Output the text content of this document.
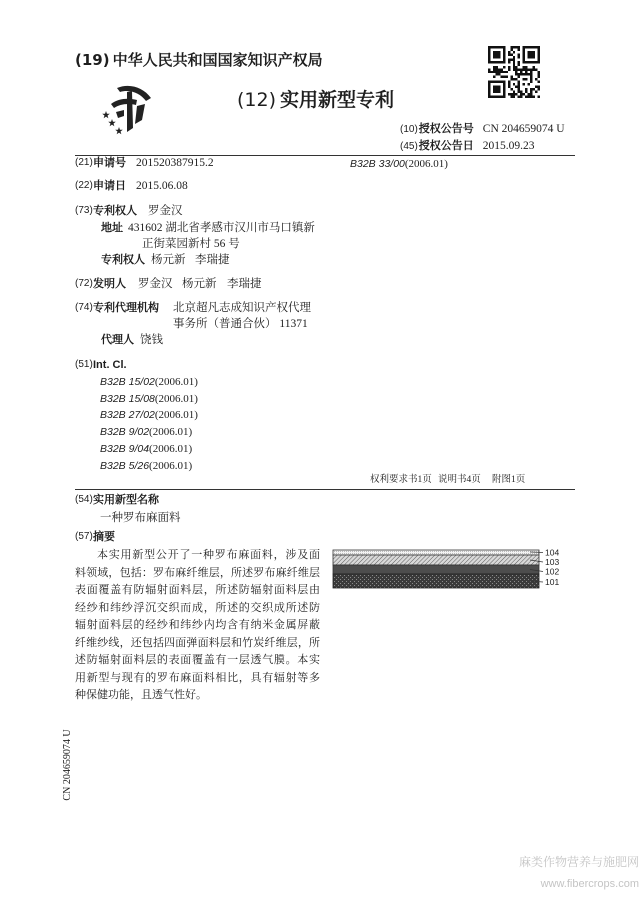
(19) 中华人民共和国国家知识产权局
(12) 实用新型专利
(10)授权公告号 CN 204659074 U
(45)授权公告日 2015.09.23
(21) 申请号 201520387915.2	B32B 33/00(2006.01)
(22) 申请日 2015.06.08
(73) 专利权人 罗金汉
地址 431602 湖北省孝感市汉川市马口镇新
正街菜园新村 56 号
专利权人 杨元新 李瑞捷
(72) 发明人 罗金汉 杨元新 李瑞捷
(74) 专利代理机构 北京超凡志成知识产权代理
事务所（普通合伙） 11371
代理人 饶钱
(51) Int. Cl.
B32B 15/02(2006.01)
B32B 15/08(2006.01)
B32B 27/02(2006.01)
B32B 9/02(2006.01)
B32B 9/04(2006.01)
B32B 5/26(2006.01)
权利要求书1页 说明书4页 附图1页
(54) 实用新型名称
一种罗布麻面料
(57) 摘要
本实用新型公开了一种罗布麻面料，涉及面
料领域，包括：罗布麻纤维层，所述罗布麻纤维层
表面覆盖有防辐射面料层，所述防辐射面料层由
经纱和纬纱浮沉交织而成，所述的交织成所述防
辐射面料层的经纱和纬纱内均含有纳米金属屏蔽
纤维纱线，还包括四面弹面料层和竹炭纤维层，所
述防辐射面料层的表面覆盖有一层透气膜。本实
用新型与现有的罗布麻面料相比，具有辐射等多
种保健功能，且透气性好。
104
103
102
101
CN 204659074 U
麻类作物营养与施肥网
www.fibercrops.com
